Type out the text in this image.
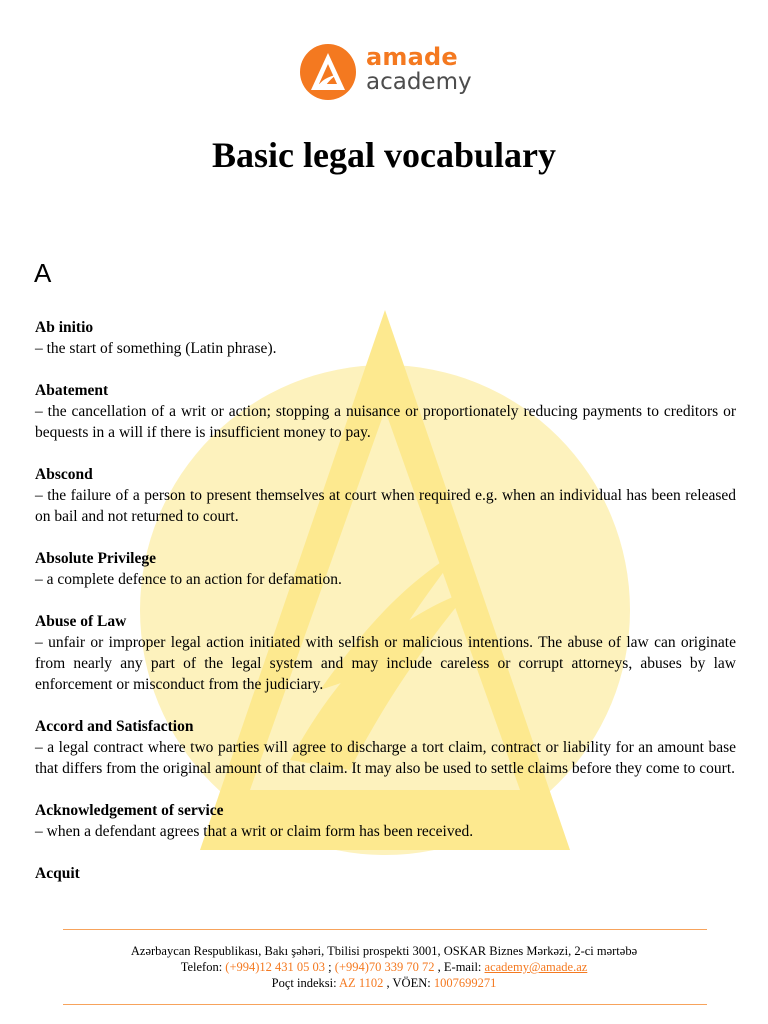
amade
academy
Basic legal vocabulary
A
Ab initio
– the start of something (Latin phrase).
Abatement
– the cancellation of a writ or action; stopping a nuisance or proportionately reducing payments to creditors or bequests in a will if there is insufficient money to pay.
Abscond
– the failure of a person to present themselves at court when required e.g. when an individual has been released on bail and not returned to court.
Absolute Privilege
– a complete defence to an action for defamation.
Abuse of Law
– unfair or improper legal action initiated with selfish or malicious intentions. The abuse of law can originate from nearly any part of the legal system and may include careless or corrupt attorneys, abuses by law enforcement or misconduct from the judiciary.
Accord and Satisfaction
– a legal contract where two parties will agree to discharge a tort claim, contract or liability for an amount base that differs from the original amount of that claim. It may also be used to settle claims before they come to court.
Acknowledgement of service
– when a defendant agrees that a writ or claim form has been received.
Acquit
Azərbaycan Respublikası, Bakı şəhəri, Tbilisi prospekti 3001, OSKAR Biznes Mərkəzi, 2-ci mərtəbə
Telefon: (+994)12 431 05 03 ; (+994)70 339 70 72 , E-mail: academy@amade.az
Poçt indeksi: AZ 1102 , VÖEN: 1007699271
